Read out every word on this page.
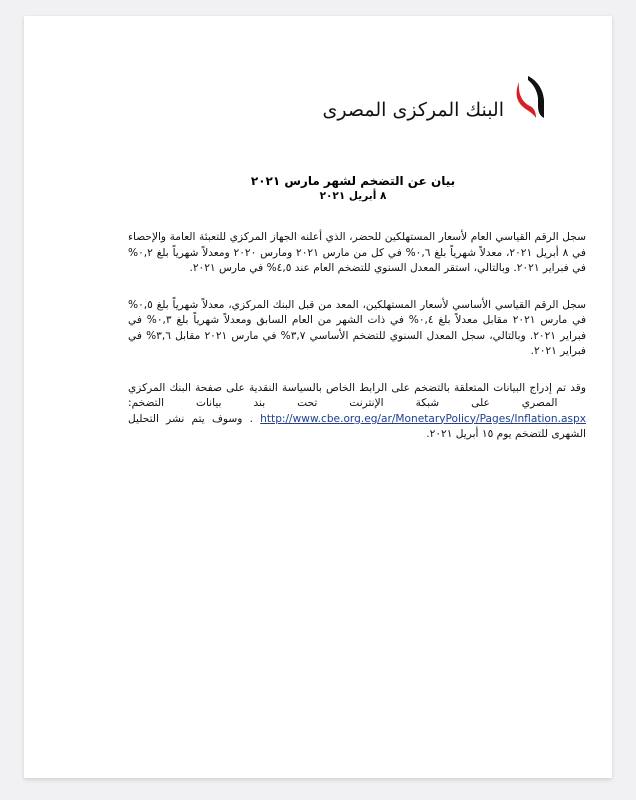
البنك المركزى المصرى
بيان عن التضخم لشهر مارس ٢٠٢١
٨ أبريل ٢٠٢١

سجل الرقم القياسي العام لأسعار المستهلكين للحضر، الذي أعلنه الجهاز المركزي للتعبئة العامة والإحصاء في ٨ أبريل ٢٠٢١، معدلاً شهرياً بلغ ٠,٦% في كل من مارس ٢٠٢١ ومارس ٢٠٢٠ ومعدلاً شهرياً بلغ ٠,٢% في فبراير ٢٠٢١. وبالتالي، استقر المعدل السنوي للتضخم العام عند ٤,٥% في مارس ٢٠٢١.

سجل الرقم القياسي الأساسي لأسعار المستهلكين، المعد من قبل البنك المركزي، معدلاً شهرياً بلغ ٠,٥% في مارس ٢٠٢١ مقابل معدلاً بلغ ٠,٤% في ذات الشهر من العام السابق ومعدلاً شهرياً بلغ ٠,٣% في فبراير ٢٠٢١. وبالتالي، سجل المعدل السنوي للتضخم الأساسي ٣,٧% في مارس ٢٠٢١ مقابل ٣,٦% في فبراير ٢٠٢١.

وقد تم إدراج البيانات المتعلقة بالتضخم على الرابط الخاص بالسياسة النقدية على صفحة البنك المركزي المصري على شبكة الإنترنت تحت بند بيانات التضخم: http://www.cbe.org.eg/ar/MonetaryPolicy/Pages/Inflation.aspx . وسوف يتم نشر التحليل الشهرى للتضخم يوم ١٥ أبريل ٢٠٢١.
